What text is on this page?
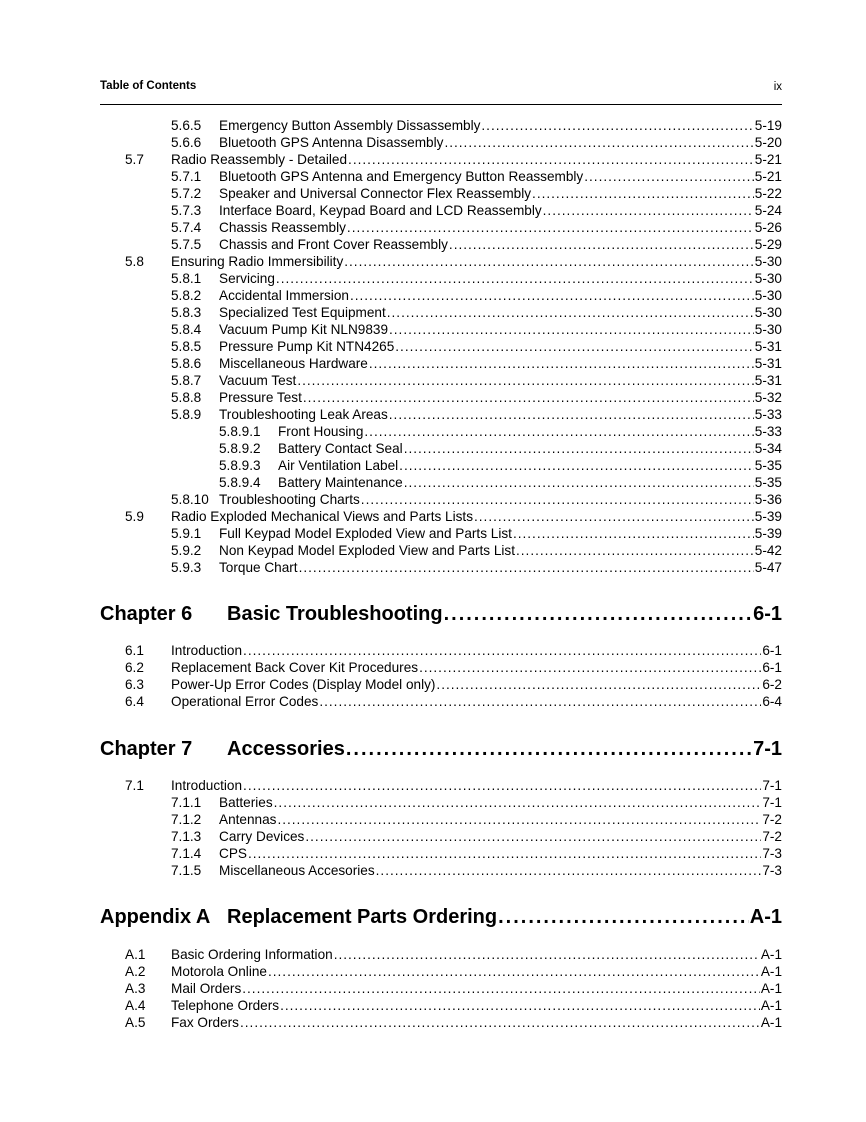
Table of Contents	ix
5.6.5	Emergency Button Assembly Dissassembly .....	5-19
5.6.6	Bluetooth GPS Antenna Disassembly .....	5-20
5.7	Radio Reassembly - Detailed .....	5-21
5.7.1	Bluetooth GPS Antenna and Emergency Button Reassembly .....	5-21
5.7.2	Speaker and Universal Connector Flex Reassembly .....	5-22
5.7.3	Interface Board, Keypad Board and LCD Reassembly .....	5-24
5.7.4	Chassis Reassembly .....	5-26
5.7.5	Chassis and Front Cover Reassembly .....	5-29
5.8	Ensuring Radio Immersibility .....	5-30
5.8.1	Servicing .....	5-30
5.8.2	Accidental Immersion .....	5-30
5.8.3	Specialized Test Equipment .....	5-30
5.8.4	Vacuum Pump Kit NLN9839 .....	5-30
5.8.5	Pressure Pump Kit NTN4265 .....	5-31
5.8.6	Miscellaneous Hardware .....	5-31
5.8.7	Vacuum Test .....	5-31
5.8.8	Pressure Test .....	5-32
5.8.9	Troubleshooting Leak Areas .....	5-33
5.8.9.1	Front Housing .....	5-33
5.8.9.2	Battery Contact Seal .....	5-34
5.8.9.3	Air Ventilation Label .....	5-35
5.8.9.4	Battery Maintenance .....	5-35
5.8.10 Troubleshooting Charts .....	5-36
5.9	Radio Exploded Mechanical Views and Parts Lists .....	5-39
5.9.1	Full Keypad Model Exploded View and Parts List .....	5-39
5.9.2	Non Keypad Model Exploded View and Parts List .....	5-42
5.9.3	Torque Chart .....	5-47
Chapter 6	Basic Troubleshooting .....	6-1
6.1	Introduction .....	6-1
6.2	Replacement Back Cover Kit Procedures .....	6-1
6.3	Power-Up Error Codes (Display Model only) .....	6-2
6.4	Operational Error Codes .....	6-4
Chapter 7	Accessories .....	7-1
7.1	Introduction .....	7-1
7.1.1	Batteries .....	7-1
7.1.2	Antennas .....	7-2
7.1.3	Carry Devices .....	7-2
7.1.4	CPS .....	7-3
7.1.5	Miscellaneous Accesories .....	7-3
Appendix A Replacement Parts Ordering .....	A-1
A.1	Basic Ordering Information .....	A-1
A.2	Motorola Online .....	A-1
A.3	Mail Orders .....	A-1
A.4	Telephone Orders .....	A-1
A.5	Fax Orders .....	A-1
